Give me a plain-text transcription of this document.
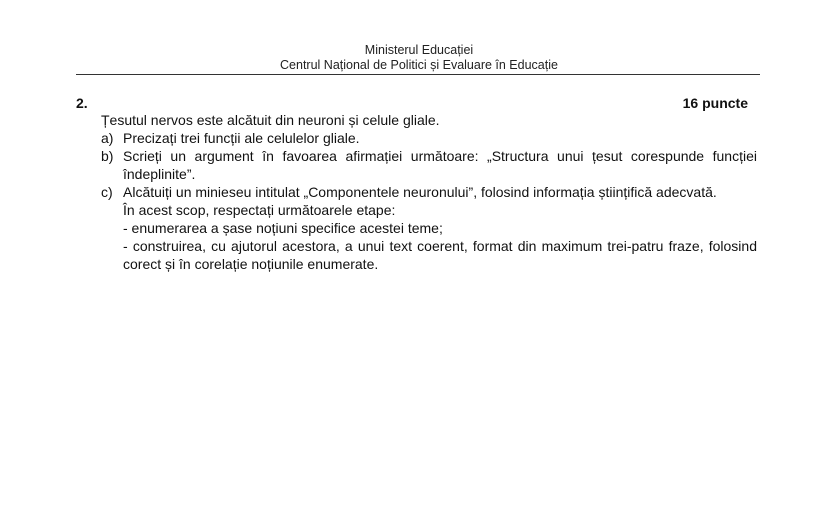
Ministerul Educației
Centrul Național de Politici și Evaluare în Educație
2.	16 puncte
Țesutul nervos este alcătuit din neuroni și celule gliale.
a) Precizați trei funcții ale celulelor gliale.
b) Scrieți un argument în favoarea afirmației următoare: „Structura unui țesut corespunde funcției îndeplinite”.
c) Alcătuiți un minieseu intitulat „Componentele neuronului”, folosind informația științifică adecvată.
În acest scop, respectați următoarele etape:
- enumerarea a șase noțiuni specifice acestei teme;
- construirea, cu ajutorul acestora, a unui text coerent, format din maximum trei-patru fraze, folosind corect și în corelație noțiunile enumerate.
